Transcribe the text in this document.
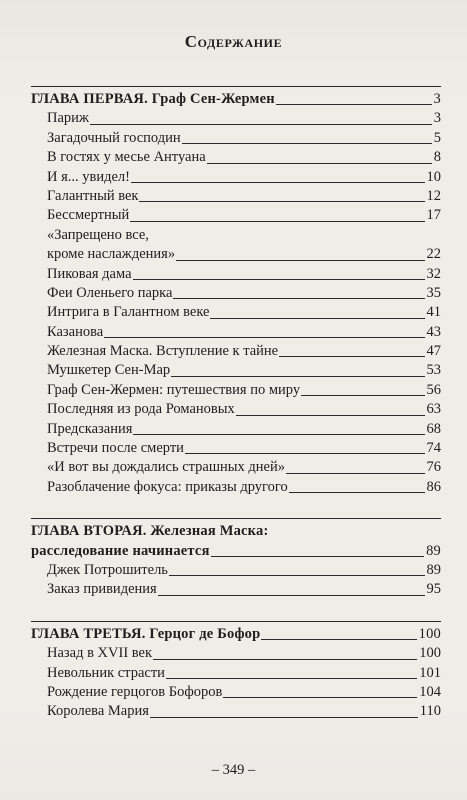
Содержание
ГЛАВА ПЕРВАЯ. Граф Сен-Жермен	3
Париж	3
Загадочный господин	5
В гостях у месье Антуана	8
И я... увидел!	10
Галантный век	12
Бессмертный	17
«Запрещено все,
кроме наслаждения»	22
Пиковая дама	32
Феи Оленьего парка	35
Интрига в Галантном веке	41
Казанова	43
Железная Маска. Вступление к тайне	47
Мушкетер Сен-Мар	53
Граф Сен-Жермен: путешествия по миру	56
Последняя из рода Романовых	63
Предсказания	68
Встречи после смерти	74
«И вот вы дождались страшных дней»	76
Разоблачение фокуса: приказы другого	86
ГЛАВА ВТОРАЯ. Железная Маска:
расследование начинается	89
Джек Потрошитель	89
Заказ привидения	95
ГЛАВА ТРЕТЬЯ. Герцог де Бофор	100
Назад в XVII век	100
Невольник страсти	101
Рождение герцогов Бофоров	104
Королева Мария	110
– 349 –
